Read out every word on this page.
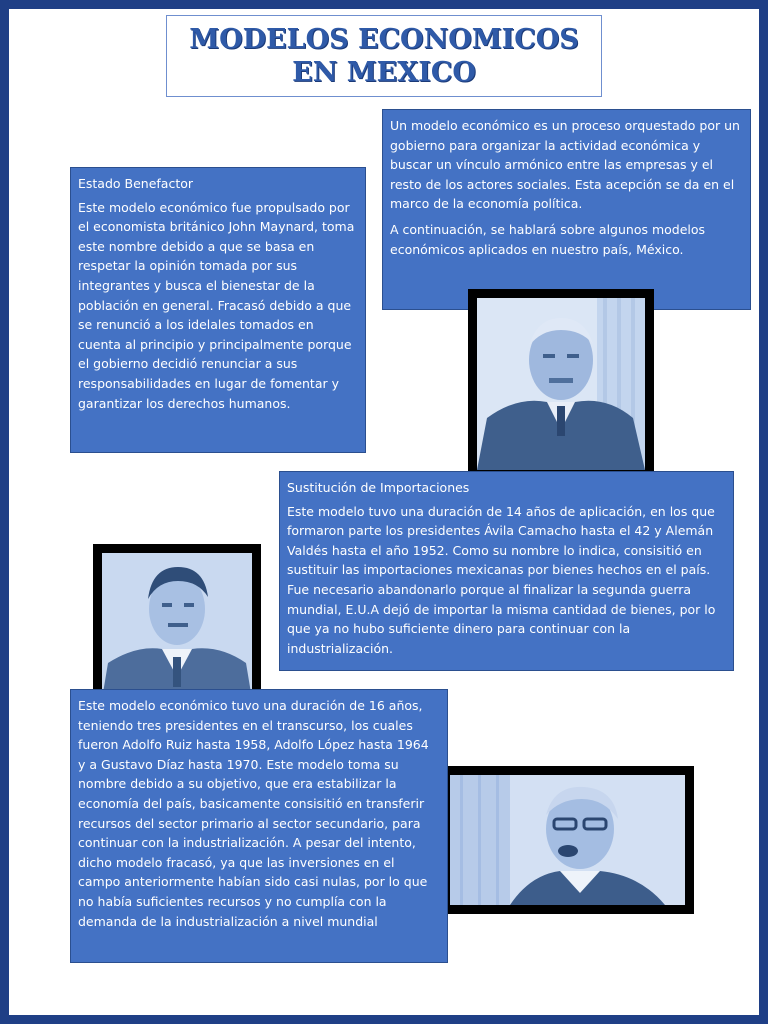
MODELOS ECONOMICOS
EN MEXICO

Un modelo económico es un proceso orquestado por un gobierno para organizar la actividad económica y buscar un vínculo armónico entre las empresas y el resto de los actores sociales. Esta acepción se da en el marco de la economía política.

A continuación, se hablará sobre algunos modelos económicos aplicados en nuestro país, México.

Estado Benefactor

Este modelo económico fue propulsado por el economista británico John Maynard, toma este nombre debido a que se basa en respetar la opinión tomada por sus integrantes y busca el bienestar de la población en general. Fracasó debido a que se renunció a los idelales tomados en cuenta al principio y principalmente porque el gobierno decidió renunciar a sus responsabilidades en lugar de fomentar y garantizar los derechos humanos.

Sustitución de Importaciones

Este modelo tuvo una duración de 14 años de aplicación, en los que formaron parte los presidentes Ávila Camacho hasta el 42 y Alemán Valdés hasta el año 1952. Como su nombre lo indica, consisitió en sustituir las importaciones mexicanas por bienes hechos en el país. Fue necesario abandonarlo porque al finalizar la segunda guerra mundial, E.U.A dejó de importar la misma cantidad de bienes, por lo que ya no hubo suficiente dinero para continuar con la industrialización.

Este modelo económico tuvo una duración de 16 años, teniendo tres presidentes en el transcurso, los cuales fueron Adolfo Ruiz hasta 1958, Adolfo López hasta 1964 y a Gustavo Díaz hasta 1970. Este modelo toma su nombre debido a su objetivo, que era estabilizar la economía del país, basicamente consisitió en transferir recursos del sector primario al sector secundario, para continuar con la industrialización. A pesar del intento, dicho modelo fracasó, ya que las inversiones en el campo anteriormente habían sido casi nulas, por lo que no había suficientes recursos y no cumplía con la demanda de la industrialización a nivel mundial
